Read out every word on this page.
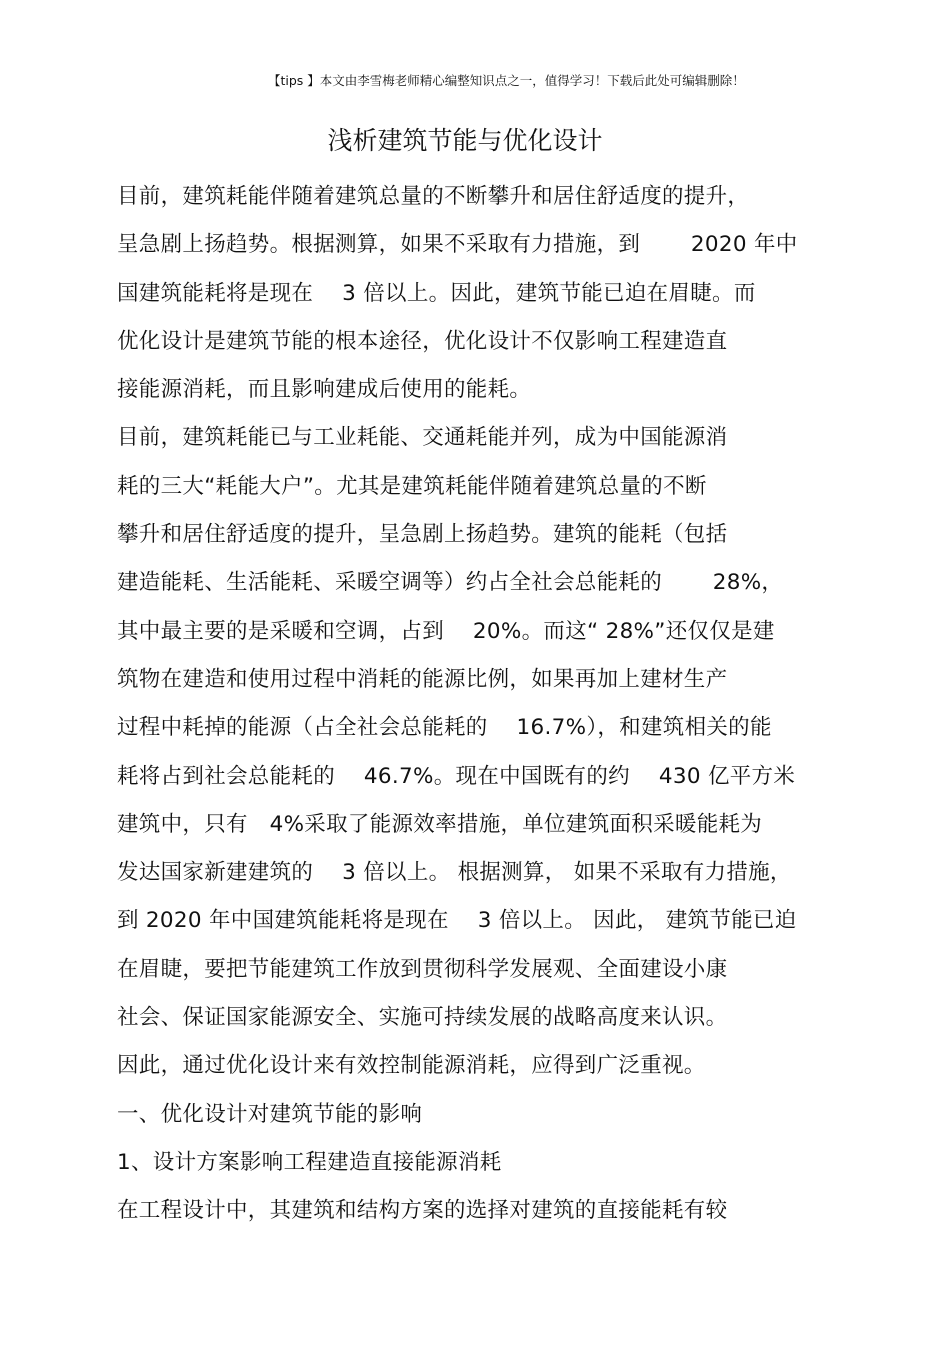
【tips 】本文由李雪梅老师精心编整知识点之一，值得学习！下载后此处可编辑删除！
浅析建筑节能与优化设计
目前，建筑耗能伴随着建筑总量的不断攀升和居住舒适度的提升，
呈急剧上扬趋势。根据测算，如果不采取有力措施，到　　 2020 年中
国建筑能耗将是现在　 3 倍以上。因此，建筑节能已迫在眉睫。而
优化设计是建筑节能的根本途径，优化设计不仅影响工程建造直
接能源消耗，而且影响建成后使用的能耗。
目前，建筑耗能已与工业耗能、交通耗能并列，成为中国能源消
耗的三大“耗能大户”。尤其是建筑耗能伴随着建筑总量的不断
攀升和居住舒适度的提升，呈急剧上扬趋势。建筑的能耗（包括
建造能耗、生活能耗、采暖空调等）约占全社会总能耗的　　 28%，
其中最主要的是采暖和空调，占到　 20%。而这“ 28%”还仅仅是建
筑物在建造和使用过程中消耗的能源比例，如果再加上建材生产
过程中耗掉的能源（占全社会总能耗的　 16.7%），和建筑相关的能
耗将占到社会总能耗的　 46.7%。现在中国既有的约　 430 亿平方米
建筑中，只有　4%采取了能源效率措施，单位建筑面积采暖能耗为
发达国家新建建筑的　 3 倍以上。 根据测算， 如果不采取有力措施，
到 2020 年中国建筑能耗将是现在　 3 倍以上。 因此， 建筑节能已迫
在眉睫，要把节能建筑工作放到贯彻科学发展观、全面建设小康
社会、保证国家能源安全、实施可持续发展的战略高度来认识。
因此，通过优化设计来有效控制能源消耗，应得到广泛重视。
一、优化设计对建筑节能的影响
1、设计方案影响工程建造直接能源消耗
在工程设计中，其建筑和结构方案的选择对建筑的直接能耗有较
